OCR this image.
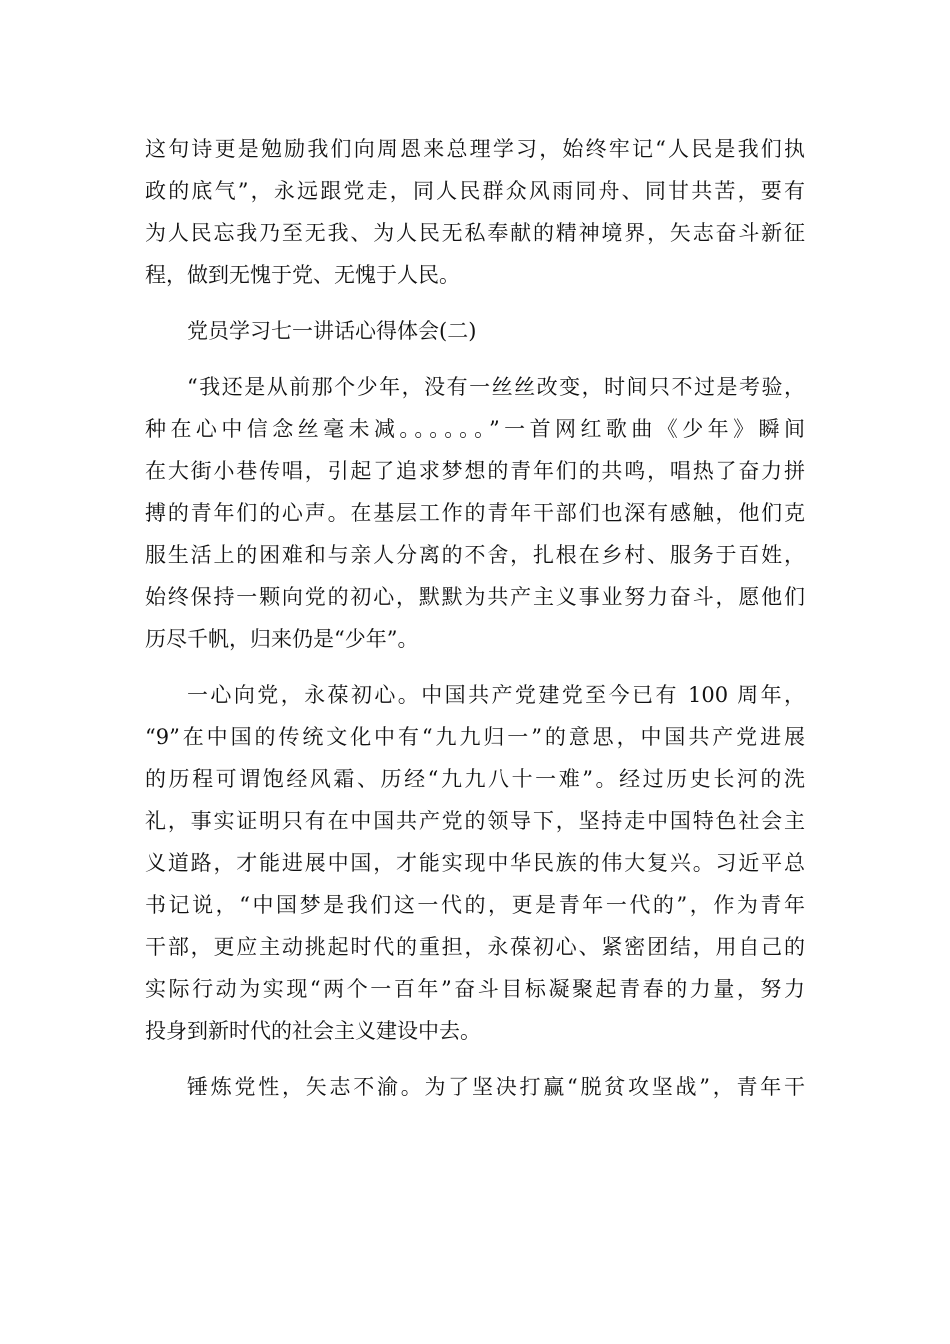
这句诗更是勉励我们向周恩来总理学习，始终牢记“人民是我们执
政的底气”，永远跟党走，同人民群众风雨同舟、同甘共苦，要有
为人民忘我乃至无我、为人民无私奉献的精神境界，矢志奋斗新征
程，做到无愧于党、无愧于人民。
党员学习七一讲话心得体会(二)
“我还是从前那个少年，没有一丝丝改变，时间只不过是考验，
种在心中信念丝毫未减。。。。。。”一首网红歌曲《少年》瞬间
在大街小巷传唱，引起了追求梦想的青年们的共鸣，唱热了奋力拼
搏的青年们的心声。在基层工作的青年干部们也深有感触，他们克
服生活上的困难和与亲人分离的不舍，扎根在乡村、服务于百姓，
始终保持一颗向党的初心，默默为共产主义事业努力奋斗，愿他们
历尽千帆，归来仍是“少年”。
一心向党，永葆初心。中国共产党建党至今已有 100 周年，
“9”在中国的传统文化中有“九九归一”的意思，中国共产党进展
的历程可谓饱经风霜、历经“九九八十一难”。经过历史长河的洗
礼，事实证明只有在中国共产党的领导下，坚持走中国特色社会主
义道路，才能进展中国，才能实现中华民族的伟大复兴。习近平总
书记说，“中国梦是我们这一代的，更是青年一代的”，作为青年
干部，更应主动挑起时代的重担，永葆初心、紧密团结，用自己的
实际行动为实现“两个一百年”奋斗目标凝聚起青春的力量，努力
投身到新时代的社会主义建设中去。
锤炼党性，矢志不渝。为了坚决打赢“脱贫攻坚战”，青年干
